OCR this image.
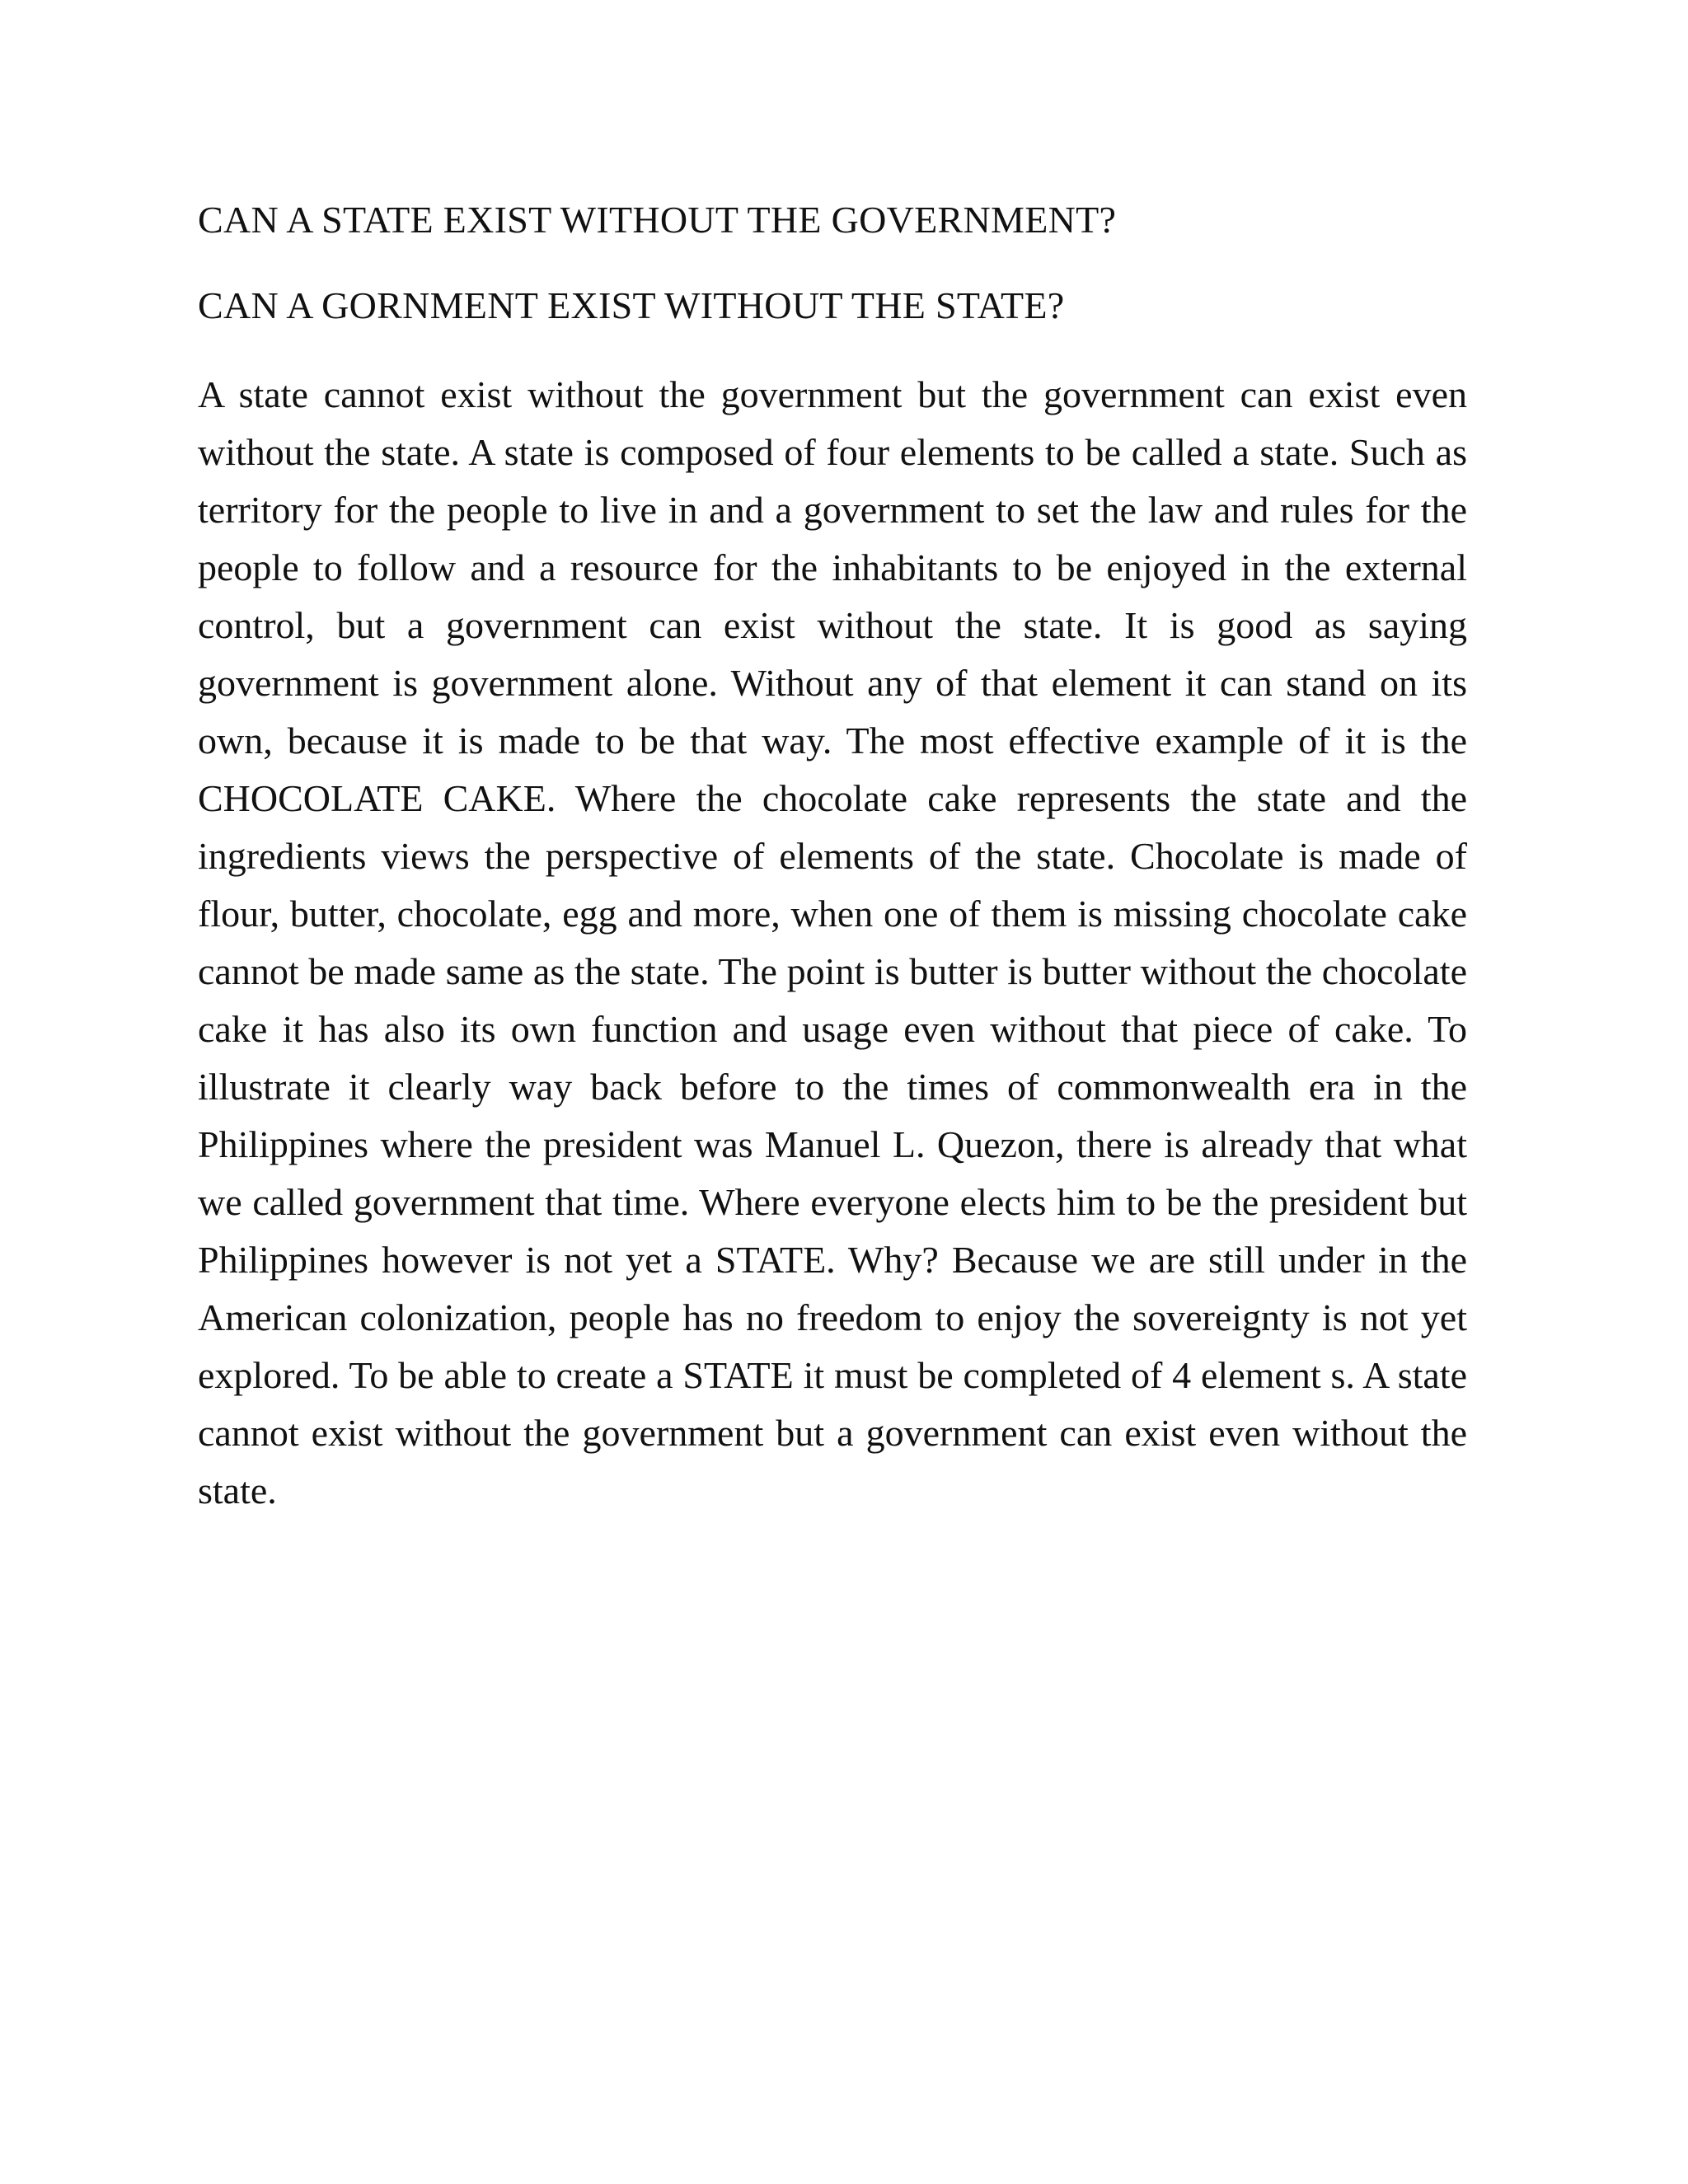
CAN A STATE EXIST WITHOUT THE GOVERNMENT?

CAN A GORNMENT EXIST WITHOUT THE STATE?

A state cannot exist without the government but the government can exist even without the state. A state is composed of four elements to be called a state. Such as territory for the people to live in and a government to set the law and rules for the people to follow and a resource for the inhabitants to be enjoyed in the external control, but a government can exist without the state. It is good as saying government is government alone. Without any of that element it can stand on its own, because it is made to be that way. The most effective example of it is the CHOCOLATE CAKE. Where the chocolate cake represents the state and the ingredients views the perspective of elements of the state. Chocolate is made of flour, butter, chocolate, egg and more, when one of them is missing chocolate cake cannot be made same as the state. The point is butter is butter without the chocolate cake it has also its own function and usage even without that piece of cake. To illustrate it clearly way back before to the times of commonwealth era in the Philippines where the president was Manuel L. Quezon, there is already that what we called government that time. Where everyone elects him to be the president but Philippines however is not yet a STATE. Why? Because we are still under in the American colonization, people has no freedom to enjoy the sovereignty is not yet explored. To be able to create a STATE it must be completed of 4 element s. A state cannot exist without the government but a government can exist even without the state.
